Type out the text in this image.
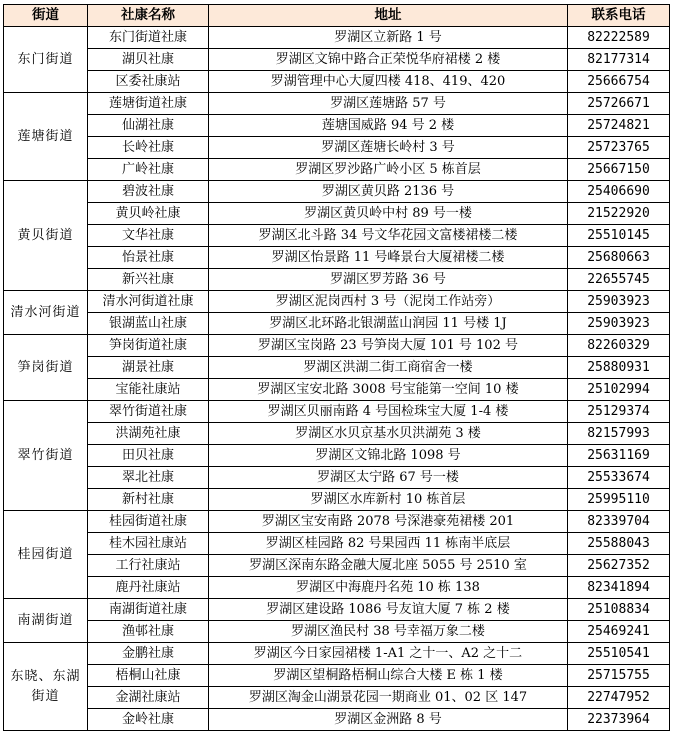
街道	社康名称	地址	联系电话
东门街道	东门街道社康	罗湖区立新路 1 号	82222589
	湖贝社康	罗湖区文锦中路合正荣悦华府裙楼 2 楼	82177314
	区委社康站	罗湖管理中心大厦四楼 418、419、420	25666754
莲塘街道	莲塘街道社康	罗湖区莲塘路 57 号	25726671
	仙湖社康	莲塘国威路 94 号 2 楼	25724821
	长岭社康	罗湖区莲塘长岭村 3 号	25723765
	广岭社康	罗湖区罗沙路广岭小区 5 栋首层	25667150
黄贝街道	碧波社康	罗湖区黄贝路 2136 号	25406690
	黄贝岭社康	罗湖区黄贝岭中村 89 号一楼	21522920
	文华社康	罗湖区北斗路 34 号文华花园文富楼裙楼二楼	25510145
	怡景社康	罗湖区怡景路 11 号峰景台大厦裙楼二楼	25680663
	新兴社康	罗湖区罗芳路 36 号	22655745
清水河街道	清水河街道社康	罗湖区泥岗西村 3 号（泥岗工作站旁）	25903923
	银湖蓝山社康	罗湖区北环路北银湖蓝山润园 11 号楼 1J	25903923
笋岗街道	笋岗街道社康	罗湖区宝岗路 23 号笋岗大厦 101 号 102 号	82260329
	湖景社康	罗湖区洪湖二街工商宿舍一楼	25880931
	宝能社康站	罗湖区宝安北路 3008 号宝能第一空间 10 楼	25102994
翠竹街道	翠竹街道社康	罗湖区贝丽南路 4 号国检珠宝大厦 1-4 楼	25129374
	洪湖苑社康	罗湖区水贝京基水贝洪湖苑 3 楼	82157993
	田贝社康	罗湖区文锦北路 1098 号	25631169
	翠北社康	罗湖区太宁路 67 号一楼	25533674
	新村社康	罗湖区水库新村 10 栋首层	25995110
桂园街道	桂园街道社康	罗湖区宝安南路 2078 号深港豪苑裙楼 201	82339704
	桂木园社康站	罗湖区桂园路 82 号果园西 11 栋南半底层	25588043
	工行社康站	罗湖区深南东路金融大厦北座 5055 号 2510 室	25627352
	鹿丹社康站	罗湖区中海鹿丹名苑 10 栋 138	82341894
南湖街道	南湖街道社康	罗湖区建设路 1086 号友谊大厦 7 栋 2 楼	25108834
	渔邨社康	罗湖区渔民村 38 号幸福万象二楼	25469241
东晓、东湖街道	金鹏社康	罗湖区今日家园裙楼 1-A1 之十一、A2 之十二	25510541
	梧桐山社康	罗湖区望桐路梧桐山综合大楼 E 栋 1 楼	25715755
	金湖社康站	罗湖区淘金山湖景花园一期商业 01、02 区 147	22747952
	金岭社康	罗湖区金洲路 8 号	22373964
